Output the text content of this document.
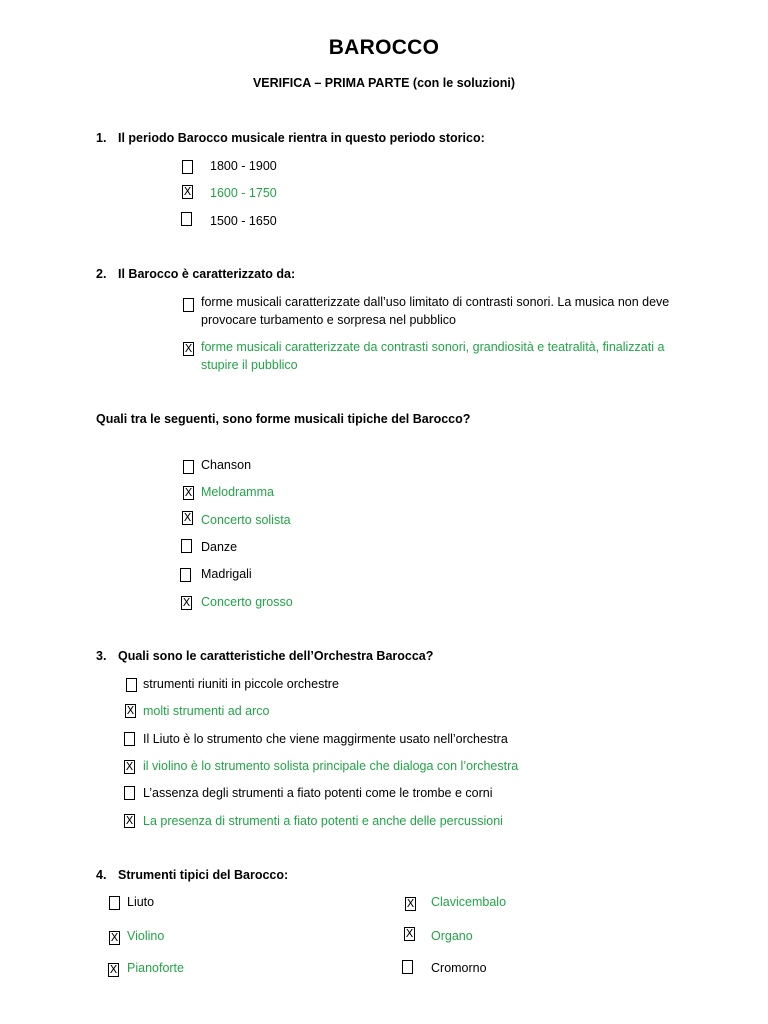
BAROCCO
VERIFICA – PRIMA PARTE (con le soluzioni)
1. Il periodo Barocco musicale rientra in questo periodo storico:
1800 - 1900
X
1600 - 1750
1500 - 1650
2. Il Barocco è caratterizzato da:
forme musicali caratterizzate dall’uso limitato di contrasti sonori. La musica non deve provocare turbamento e sorpresa nel pubblico
X
forme musicali caratterizzate da contrasti sonori, grandiosità e teatralità, finalizzati a stupire il pubblico
Quali tra le seguenti, sono forme musicali tipiche del Barocco?
Chanson
X
Melodramma
X
Concerto solista
Danze
Madrigali
X
Concerto grosso
3. Quali sono le caratteristiche dell’Orchestra Barocca?
strumenti riuniti in piccole orchestre
X
molti strumenti ad arco
Il Liuto è lo strumento che viene maggirmente usato nell’orchestra
X
il violino è lo strumento solista principale che dialoga con l’orchestra
L’assenza degli strumenti a fiato potenti come le trombe e corni
X
La presenza di strumenti a fiato potenti e anche delle percussioni
4. Strumenti tipici del Barocco:
Liuto
X
Violino
X
Pianoforte
X
Clavicembalo
X
Organo
Cromorno
